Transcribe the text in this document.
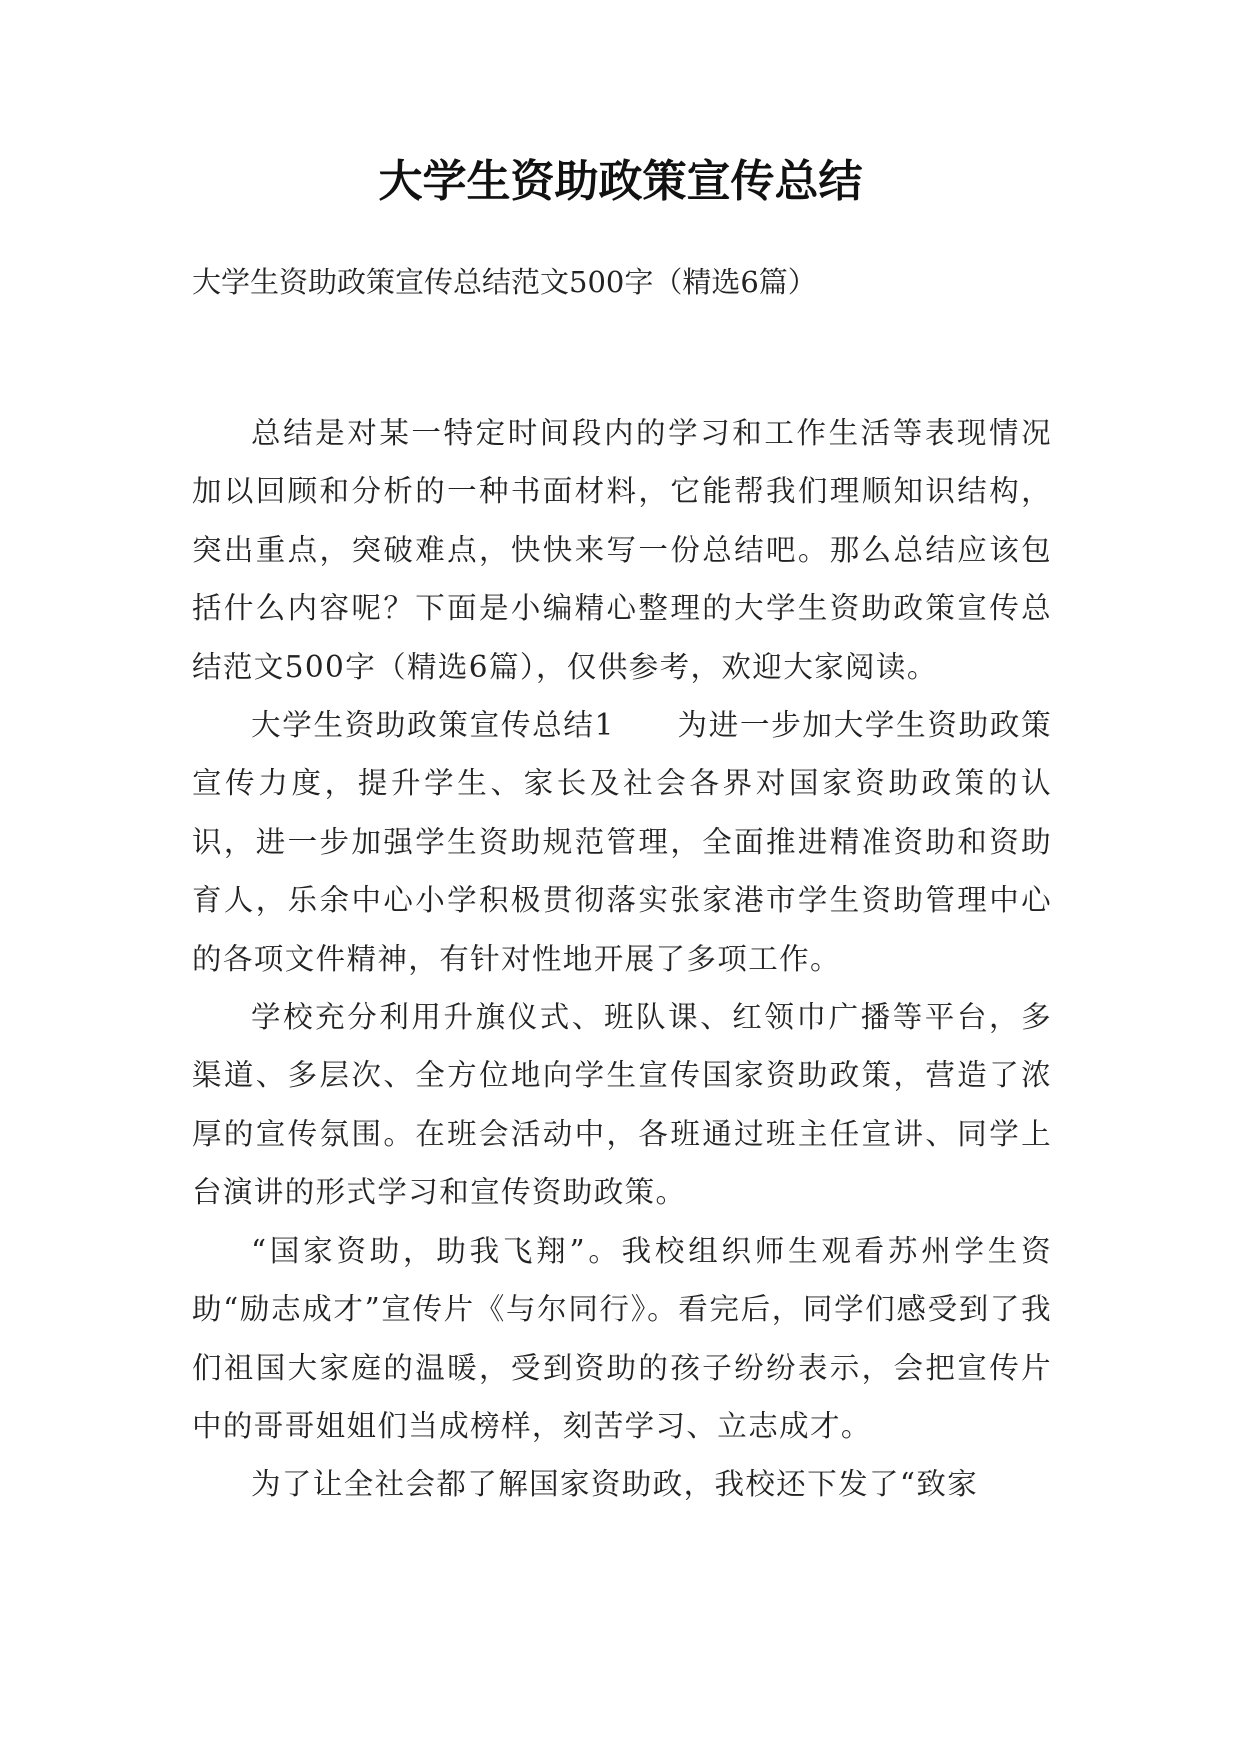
大学生资助政策宣传总结

大学生资助政策宣传总结范文500字（精选6篇）

总结是对某一特定时间段内的学习和工作生活等表现情况加以回顾和分析的一种书面材料，它能帮我们理顺知识结构，突出重点，突破难点，快快来写一份总结吧。那么总结应该包括什么内容呢？下面是小编精心整理的大学生资助政策宣传总结范文500字（精选6篇），仅供参考，欢迎大家阅读。

大学生资助政策宣传总结1　　为进一步加大学生资助政策宣传力度，提升学生、家长及社会各界对国家资助政策的认识，进一步加强学生资助规范管理，全面推进精准资助和资助育人，乐余中心小学积极贯彻落实张家港市学生资助管理中心的各项文件精神，有针对性地开展了多项工作。

学校充分利用升旗仪式、班队课、红领巾广播等平台，多渠道、多层次、全方位地向学生宣传国家资助政策，营造了浓厚的宣传氛围。在班会活动中，各班通过班主任宣讲、同学上台演讲的形式学习和宣传资助政策。

“国家资助，助我飞翔”。我校组织师生观看苏州学生资助“励志成才”宣传片《与尔同行》。看完后，同学们感受到了我们祖国大家庭的温暖，受到资助的孩子纷纷表示，会把宣传片中的哥哥姐姐们当成榜样，刻苦学习、立志成才。

为了让全社会都了解国家资助政，我校还下发了“致家
